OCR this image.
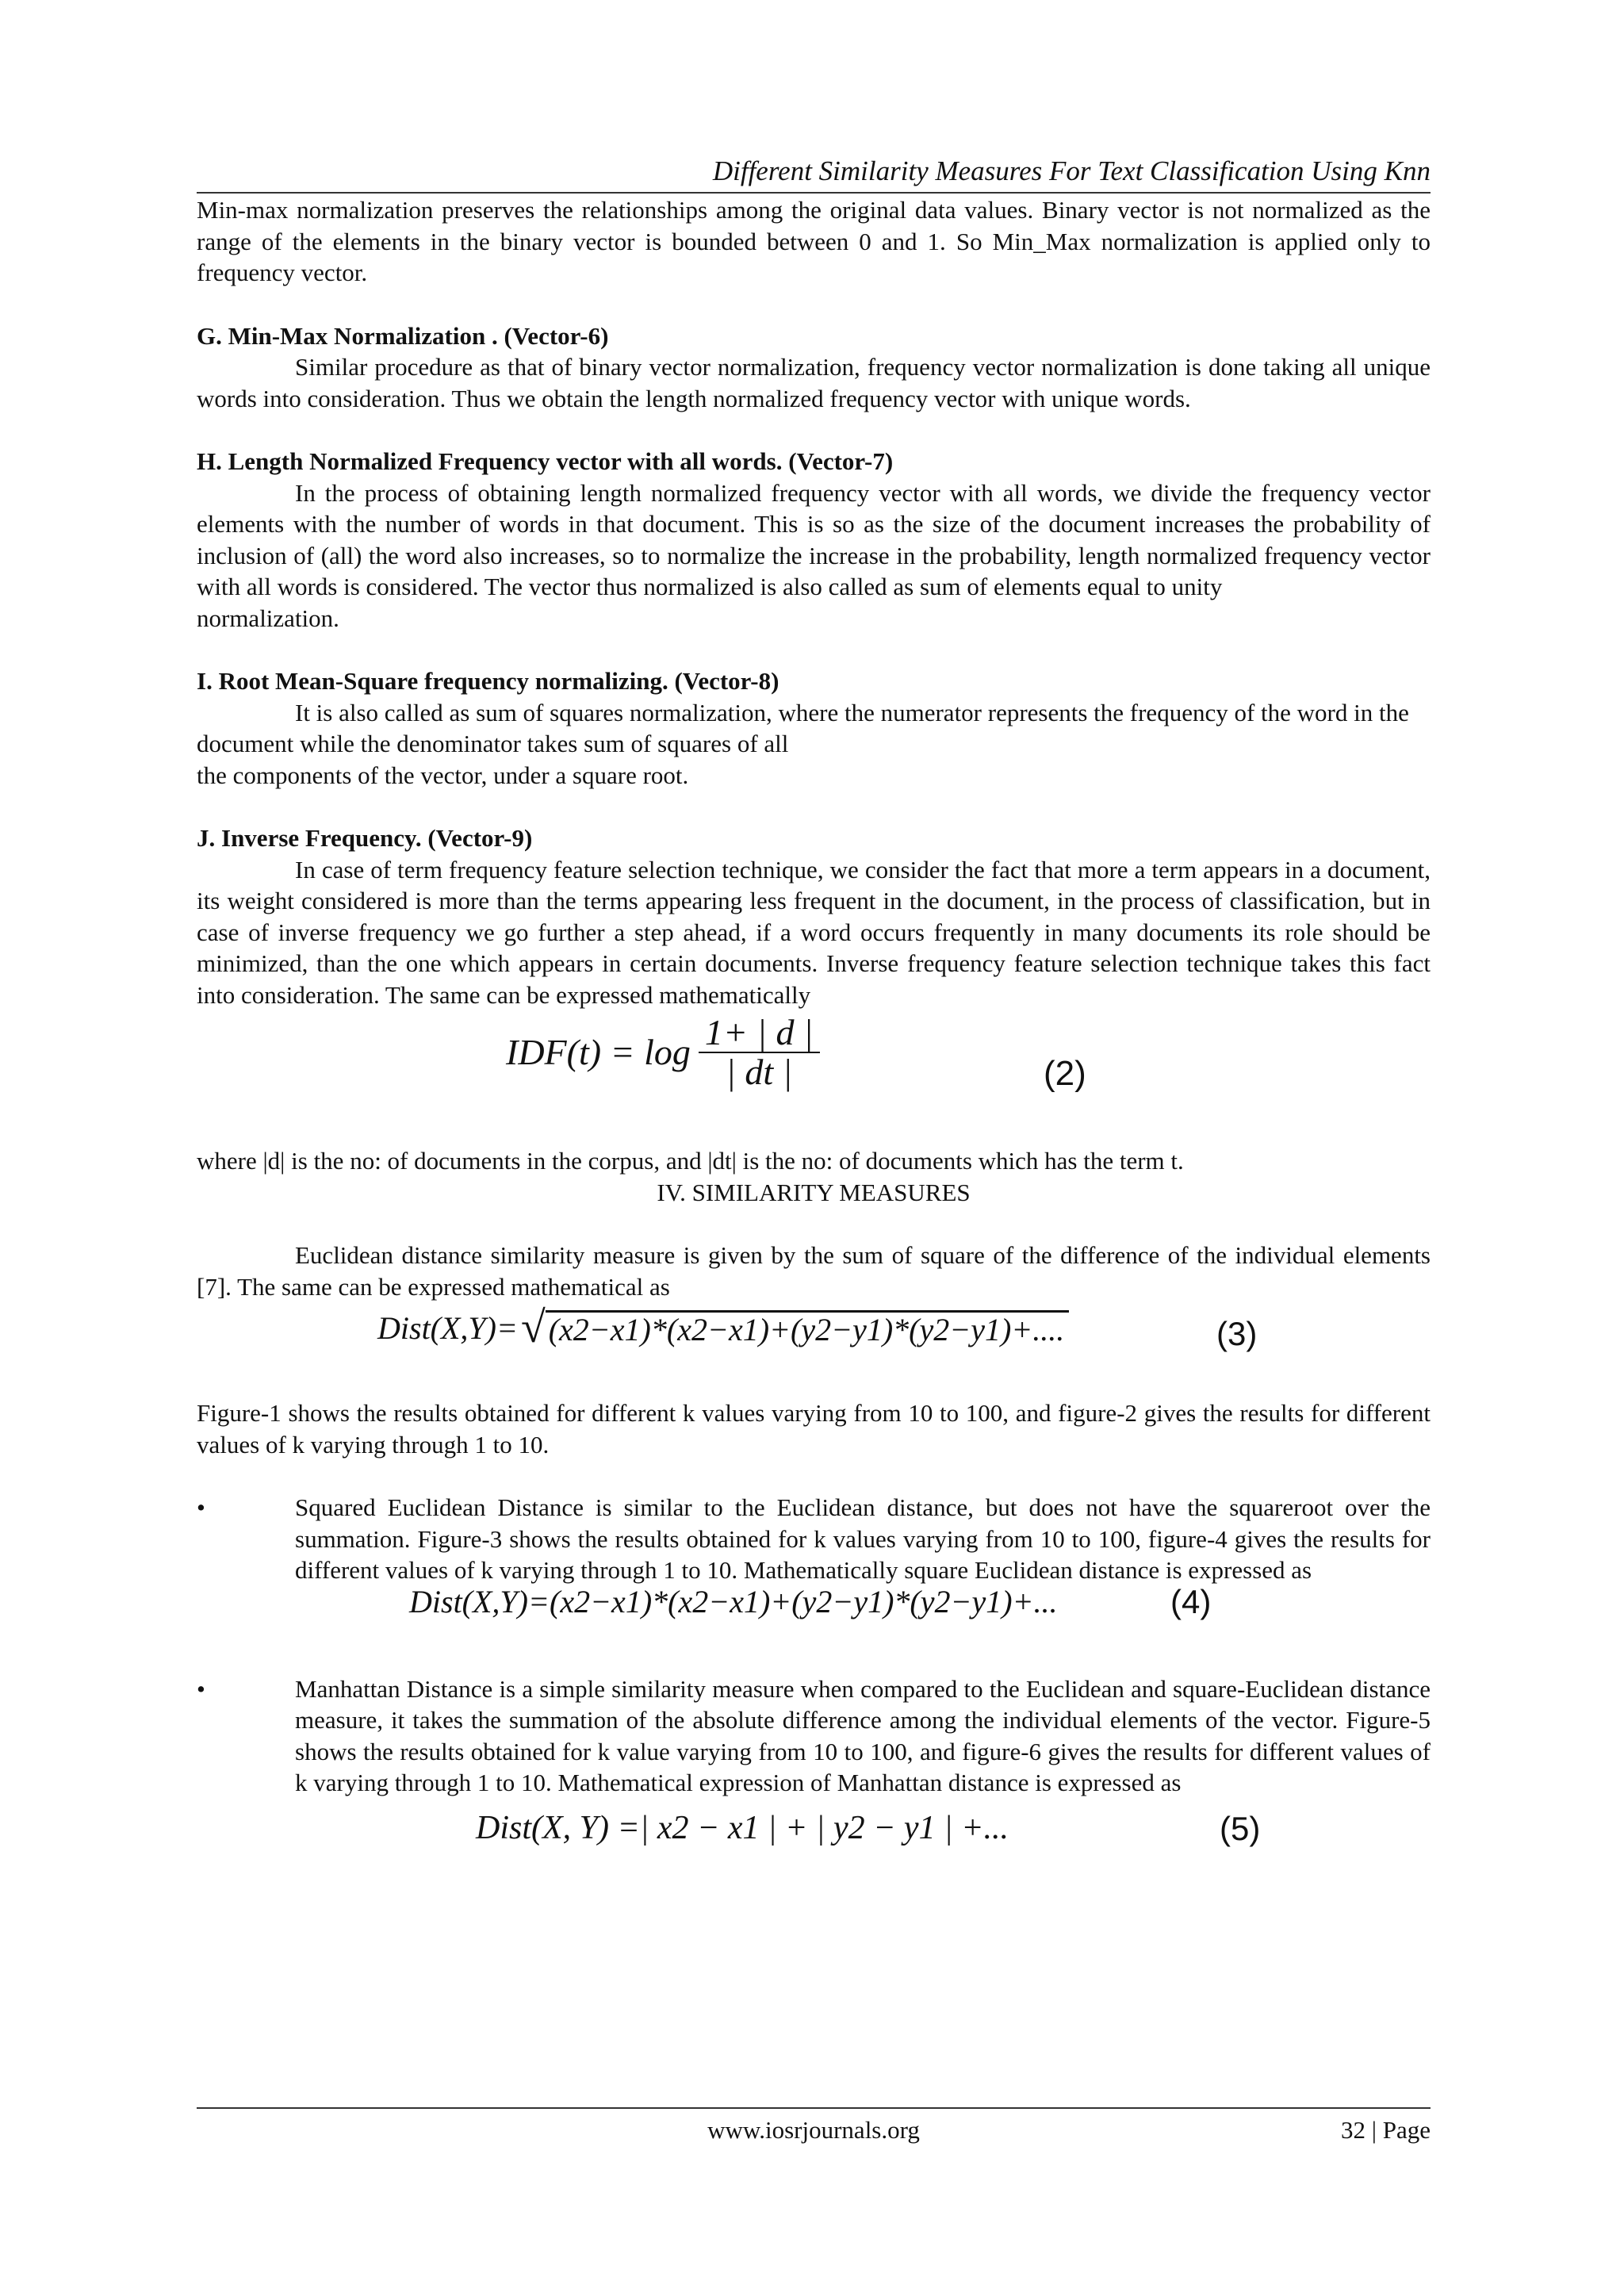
Different Similarity Measures For Text Classification Using Knn

Min-max normalization preserves the relationships among the original data values. Binary vector is not normalized as the range of the elements in the binary vector is bounded between 0 and 1. So Min_Max normalization is applied only to frequency vector.

G. Min-Max Normalization . (Vector-6)

Similar procedure as that of binary vector normalization, frequency vector normalization is done taking all unique words into consideration. Thus we obtain the length normalized frequency vector with unique words.

H. Length Normalized Frequency vector with all words. (Vector-7)

In the process of obtaining length normalized frequency vector with all words, we divide the frequency vector elements with the number of words in that document. This is so as the size of the document increases the probability of inclusion of (all) the word also increases, so to normalize the increase in the probability, length normalized frequency vector with all words is considered. The vector thus normalized is also called as sum of elements equal to unity

normalization.

I. Root Mean-Square frequency normalizing. (Vector-8)

It is also called as sum of squares normalization, where the numerator represents the frequency of the word in the document while the denominator takes sum of squares of all

the components of the vector, under a square root.

J. Inverse Frequency. (Vector-9)

In case of term frequency feature selection technique, we consider the fact that more a term appears in a document, its weight considered is more than the terms appearing less frequent in the document, in the process of classification, but in case of inverse frequency we go further a step ahead, if a word occurs frequently in many documents its role should be minimized, than the one which appears in certain documents. Inverse frequency feature selection technique takes this fact into consideration. The same can be expressed mathematically

$IDF(t) = \log \frac{1+ | d |}{| dt |}$	(2)

where |d| is the no: of documents in the corpus, and |dt| is the no: of documents which has the term t.

IV. SIMILARITY MEASURES

Euclidean distance similarity measure is given by the sum of square of the difference of the individual elements [7]. The same can be expressed mathematical as

Dist(X,Y)= √ (x2−x1)*(x2−x1)+(y2−y1)*(y2−y1)+....	(3)

Figure-1 shows the results obtained for different k values varying from 10 to 100, and figure-2 gives the results for different values of k varying through 1 to 10.

•	Squared Euclidean Distance is similar to the Euclidean distance, but does not have the squareroot over the summation. Figure-3 shows the results obtained for k values varying from 10 to 100, figure-4 gives the results for different values of k varying through 1 to 10. Mathematically square Euclidean distance is expressed as

Dist(X,Y)=(x2−x1)*(x2−x1)+(y2−y1)*(y2−y1)+...	(4)
•	Manhattan Distance is a simple similarity measure when compared to the Euclidean and square-Euclidean distance measure, it takes the summation of the absolute difference among the individual elements of the vector. Figure-5 shows the results obtained for k value varying from 10 to 100, and figure-6 gives the results for different values of k varying through 1 to 10. Mathematical expression of Manhattan distance is expressed as

Dist(X, Y) =| x2 − x1 | + | y2 − y1 | +...	(5)
www.iosrjournals.org	32 | Page
